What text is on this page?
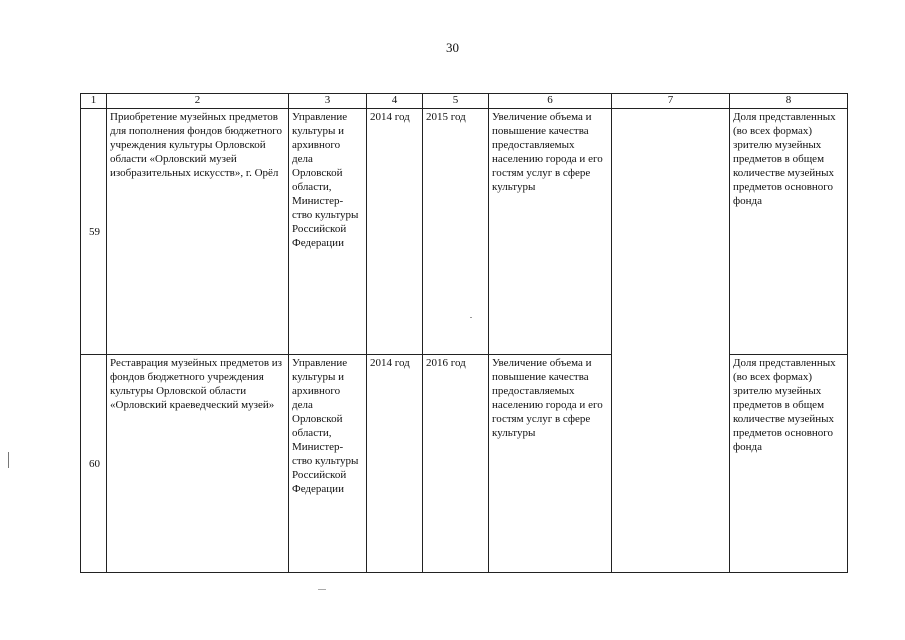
30
1	2	3	4	5	6	7	8
59	Приобретение музейных предметов для пополнения фондов бюджетного учреждения культуры Орловской области «Орловский музей изобразительных искусств», г. Орёл	Управление культуры и архивного дела Орловской области, Министер-ство культуры Российской Федерации	2014 год	2015 год	Увеличение объема и повышение качества предоставляемых населению города и его гостям услуг в сфере культуры		Доля представленных (во всех формах) зрителю музейных предметов в общем количестве музейных предметов основного фонда
60	Реставрация музейных предметов из фондов бюджетного учреждения культуры Орловской области «Орловский краеведческий музей»	Управление культуры и архивного дела Орловской области, Министер-ство культуры Российской Федерации	2014 год	2016 год	Увеличение объема и повышение качества предоставляемых населению города и его гостям услуг в сфере культуры		Доля представленных (во всех формах) зрителю музейных предметов в общем количестве музейных предметов основного фонда
